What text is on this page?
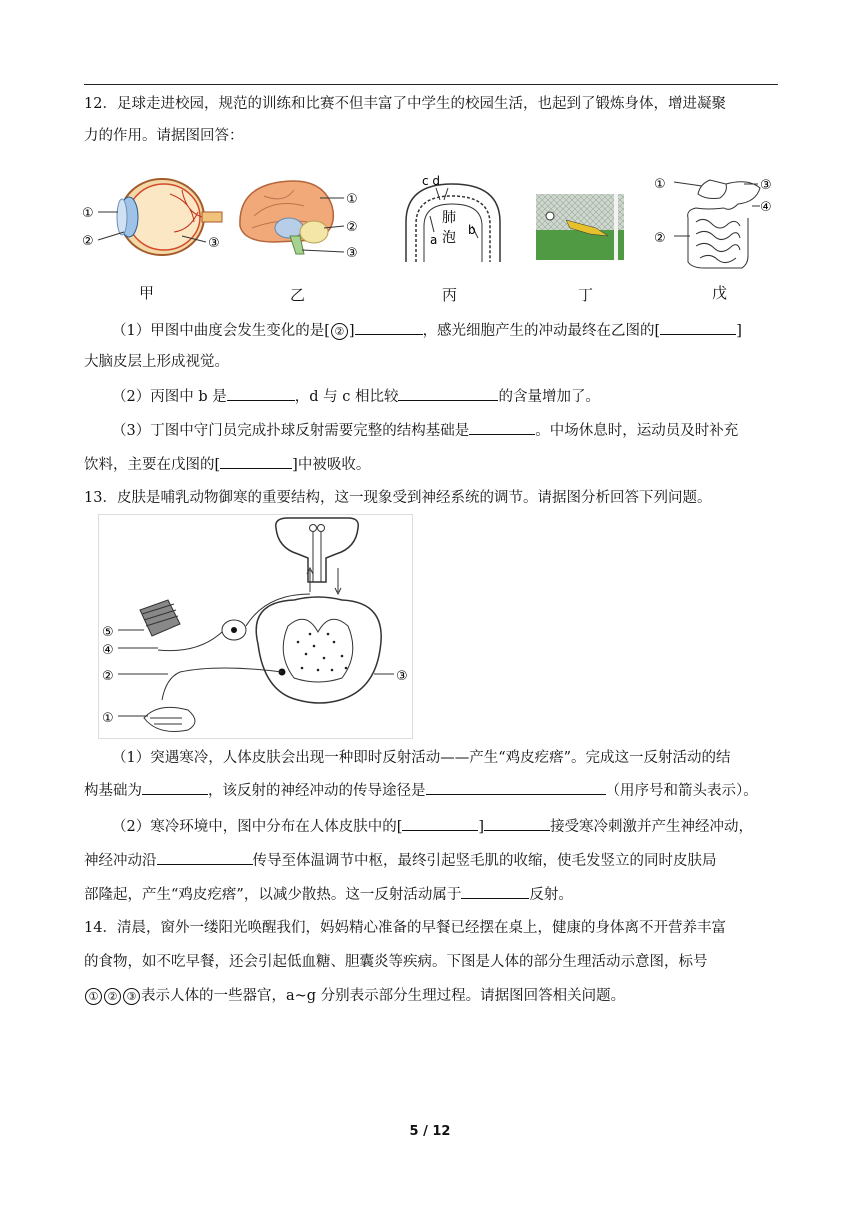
12．足球走进校园，规范的训练和比赛不但丰富了中学生的校园生活，也起到了锻炼身体，增进凝聚
力的作用。请据图回答：
①
②	③
①
②
③
c d
肺
泡
a
b
①
②
③
④
甲	乙	丙	丁	戊
（1）甲图中曲度会发生变化的是[ ② ]	，感光细胞产生的冲动最终在乙图的[	]
大脑皮层上形成视觉。
（2）丙图中 b 是	，d 与 c 相比较	的含量增加了。
（3）丁图中守门员完成扑球反射需要完整的结构基础是	。中场休息时，运动员及时补充
饮料，主要在戊图的[	]中被吸收。
13．皮肤是哺乳动物御寒的重要结构，这一现象受到神经系统的调节。请据图分析回答下列问题。
⑤
④
②
①
③
（1）突遇寒冷，人体皮肤会出现一种即时反射活动——产生“鸡皮疙瘩”。完成这一反射活动的结
构基础为	，该反射的神经冲动的传导途径是	（用序号和箭头表示）。
（2）寒冷环境中，图中分布在人体皮肤中的[	]	接受寒冷刺激并产生神经冲动，
神经冲动沿	传导至体温调节中枢，最终引起竖毛肌的收缩，使毛发竖立的同时皮肤局
部隆起，产生“鸡皮疙瘩”，以减少散热。这一反射活动属于	反射。
14．清晨，窗外一缕阳光唤醒我们，妈妈精心准备的早餐已经摆在桌上，健康的身体离不开营养丰富
的食物，如不吃早餐，还会引起低血糖、胆囊炎等疾病。下图是人体的部分生理活动示意图，标号
① ② ③ 表示人体的一些器官，a~g 分别表示部分生理过程。请据图回答相关问题。
5 / 12
